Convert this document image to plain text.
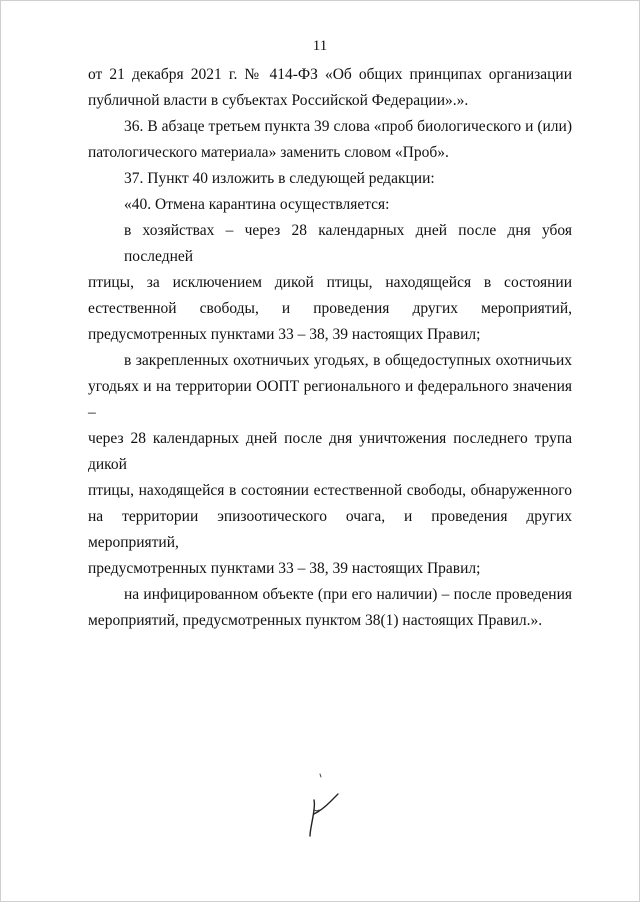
11

от 21 декабря 2021 г. № 414-ФЗ «Об общих принципах организации
публичной власти в субъектах Российской Федерации».».

36. В абзаце третьем пункта 39 слова «проб биологического и (или)
патологического материала» заменить словом «Проб».

37. Пункт 40 изложить в следующей редакции:

«40. Отмена карантина осуществляется:

в хозяйствах – через 28 календарных дней после дня убоя последней
птицы, за исключением дикой птицы, находящейся в состоянии
естественной свободы, и проведения других мероприятий,
предусмотренных пунктами 33 – 38, 39 настоящих Правил;

в закрепленных охотничьих угодьях, в общедоступных охотничьих
угодьях и на территории ООПТ регионального и федерального значения –
через 28 календарных дней после дня уничтожения последнего трупа дикой
птицы, находящейся в состоянии естественной свободы, обнаруженного
на территории эпизоотического очага, и проведения других мероприятий,
предусмотренных пунктами 33 – 38, 39 настоящих Правил;

на инфицированном объекте (при его наличии) – после проведения
мероприятий, предусмотренных пунктом 38(1) настоящих Правил.».
